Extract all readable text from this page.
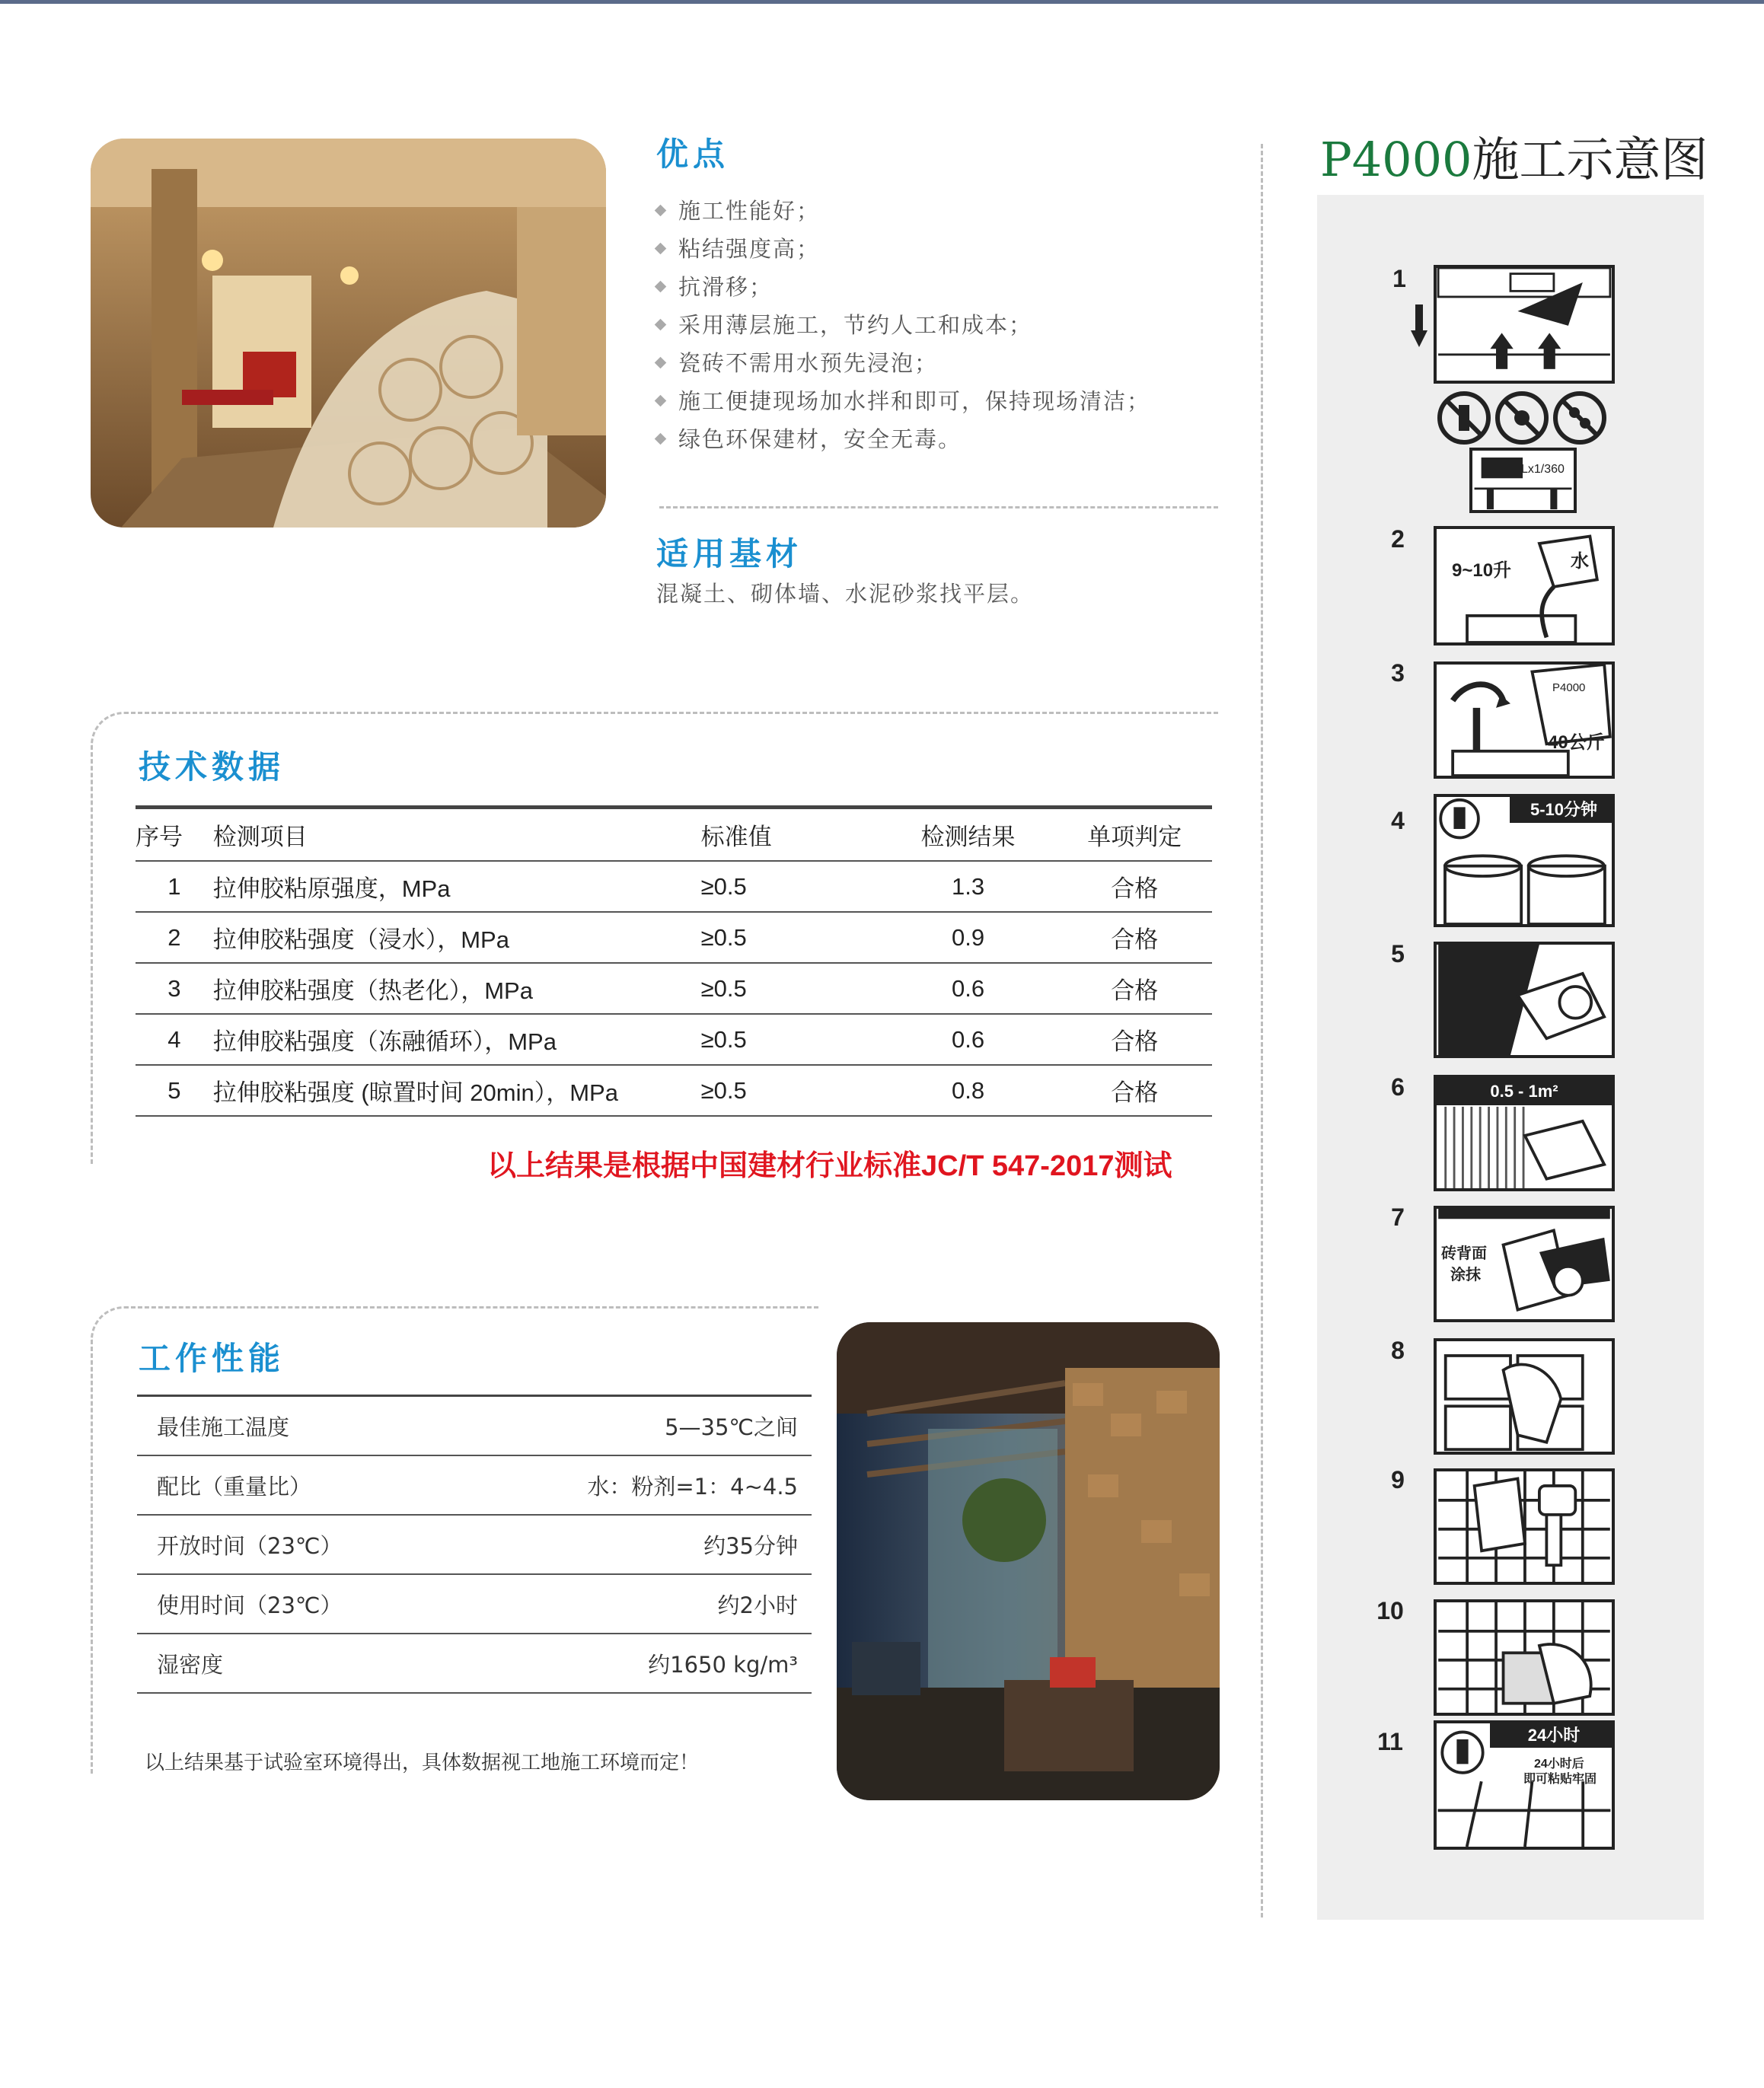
优点
施工性能好；
粘结强度高；
抗滑移；
采用薄层施工，节约人工和成本；
瓷砖不需用水预先浸泡；
施工便捷现场加水拌和即可，保持现场清洁；
绿色环保建材，安全无毒。
适用基材
混凝土、砌体墙、水泥砂浆找平层。
技术数据
序号	检测项目	标准值	检测结果	单项判定
1	拉伸胶粘原强度，MPa	≥0.5	1.3	合格
2	拉伸胶粘强度（浸水），MPa	≥0.5	0.9	合格
3	拉伸胶粘强度（热老化），MPa	≥0.5	0.6	合格
4	拉伸胶粘强度（冻融循环），MPa	≥0.5	0.6	合格
5	拉伸胶粘强度 (晾置时间 20min），MPa	≥0.5	0.8	合格
以上结果是根据中国建材行业标准JC/T 547-2017测试
工作性能
最佳施工温度	5—35℃之间
配比（重量比）	水：粉剂=1：4~4.5
开放时间（23℃）	约35分钟
使用时间（23℃）	约2小时
湿密度	约1650 kg/m³
以上结果基于试验室环境得出，具体数据视工地施工环境而定！
P4000施工示意图
1
Lx1/360
2
9~10升	水
3
P4000
40公斤
4	5-10分钟
5
6	0.5 - 1m²
7
砖背面
涂抹
8
9
10
11	24小时
24小时后
即可粘贴牢固
